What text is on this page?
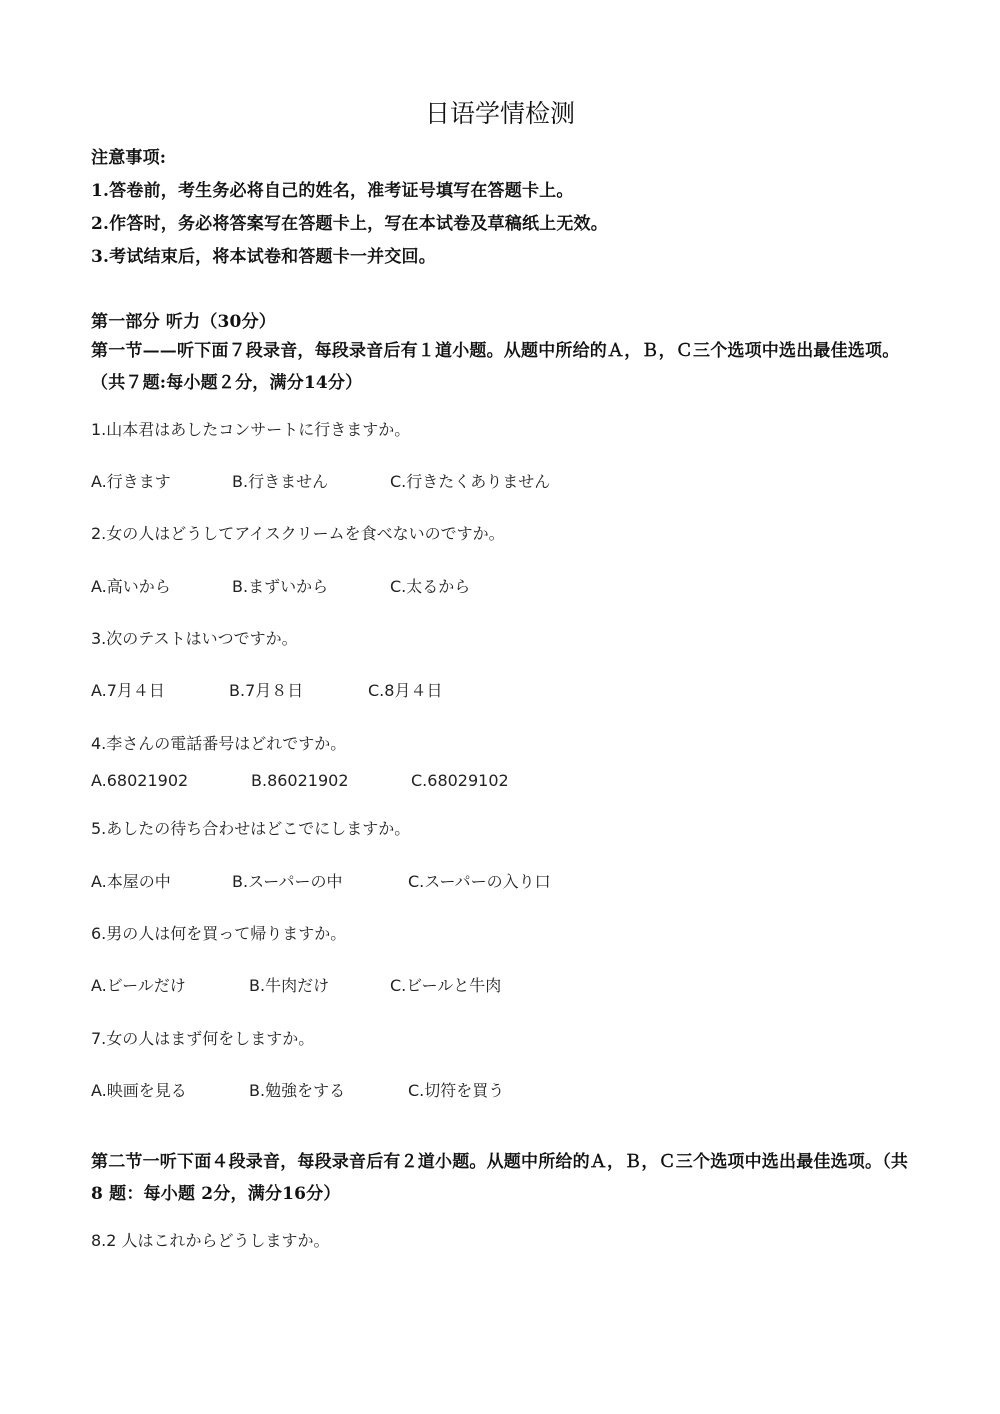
日语学情检测
注意事项:
1.答卷前，考生务必将自己的姓名，准考证号填写在答题卡上。
2.作答时，务必将答案写在答题卡上，写在本试卷及草稿纸上无效。
3.考试结束后，将本试卷和答题卡一并交回。
第一部分 听力（30分）
第一节——听下面７段录音，每段录音后有１道小题。从题中所给的Ａ，Ｂ，Ｃ三个选项中选出最佳选项。（共７题:每小题２分，满分14分）
1.山本君はあしたコンサートに行きますか。
A.行きます	B.行きません	C.行きたくありません
2.女の人はどうしてアイスクリームを食べないのですか。
A.高いから	B.まずいから	C.太るから
3.次のテストはいつですか。
A.7月４日	B.7月８日	C.8月４日
4.李さんの電話番号はどれですか。
A.68021902	B.86021902	C.68029102
5.あしたの待ち合わせはどこでにしますか。
A.本屋の中	B.スーパーの中	C.スーパーの入り口
6.男の人は何を買って帰りますか。
A.ビールだけ	B.牛肉だけ	C.ビールと牛肉
7.女の人はまず何をしますか。
A.映画を見る	B.勉強をする	C.切符を買う
第二节一听下面４段录音，每段录音后有２道小题。从题中所给的Ａ，Ｂ，Ｃ三个选项中选出最佳选项。（共 8 题：每小题 2分，满分16分）
8.2 人はこれからどうしますか。
